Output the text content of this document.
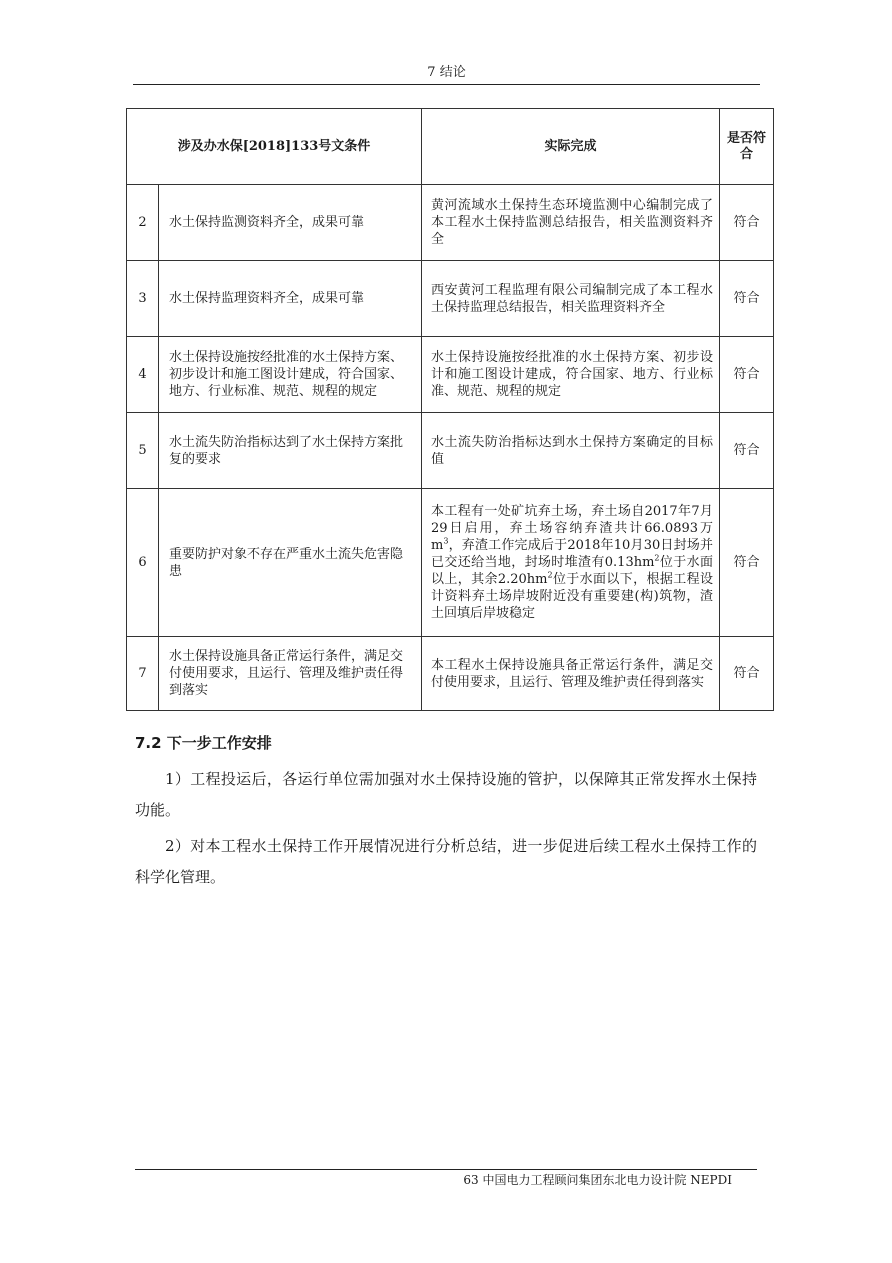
7 结论
涉及办水保[2018]133号文条件		实际完成	是否符合
2	水土保持监测资料齐全，成果可靠	黄河流域水土保持生态环境监测中心编制完成了本工程水土保持监测总结报告，相关监测资料齐全	符合
3	水土保持监理资料齐全，成果可靠	西安黄河工程监理有限公司编制完成了本工程水土保持监理总结报告，相关监理资料齐全	符合
4	水土保持设施按经批准的水土保持方案、初步设计和施工图设计建成，符合国家、地方、行业标准、规范、规程的规定	水土保持设施按经批准的水土保持方案、初步设计和施工图设计建成，符合国家、地方、行业标准、规范、规程的规定	符合
5	水土流失防治指标达到了水土保持方案批复的要求	水土流失防治指标达到水土保持方案确定的目标值	符合
6	重要防护对象不存在严重水土流失危害隐患	本工程有一处矿坑弃土场，弃土场自2017年7月29日启用，弃土场容纳弃渣共计66.0893万$m^3$，弃渣工作完成后于2018年10月30日封场并已交还给当地，封场时堆渣有$0.13hm^2$位于水面以上，其余$2.20hm^2$位于水面以下，根据工程设计资料弃土场岸坡附近没有重要建(构)筑物，渣土回填后岸坡稳定	符合
7	水土保持设施具备正常运行条件，满足交付使用要求，且运行、管理及维护责任得到落实	本工程水土保持设施具备正常运行条件，满足交付使用要求，且运行、管理及维护责任得到落实	符合
7.2 下一步工作安排

1）工程投运后，各运行单位需加强对水土保持设施的管护，以保障其正常发挥水土保持功能。

2）对本工程水土保持工作开展情况进行分析总结，进一步促进后续工程水土保持工作的科学化管理。

63 中国电力工程顾问集团东北电力设计院 NEPDI
